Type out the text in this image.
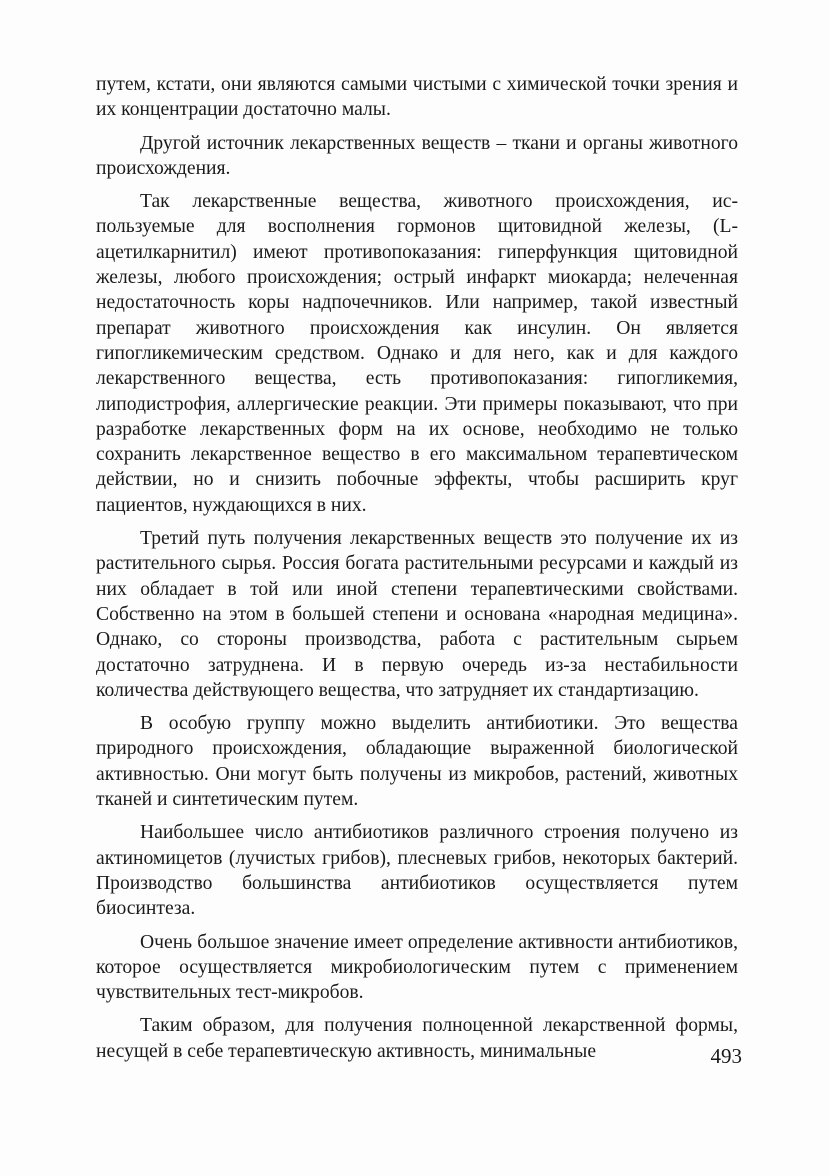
путем, кстати, они являются самыми чистыми с химической точки зрения и их концентрации достаточно малы.

Другой источник лекарственных веществ – ткани и органы животного происхождения.

Так лекарственные вещества, животного происхождения, используемые для восполнения гормонов щитовидной железы, (L-ацетилкарнитил) имеют противопоказания: гиперфункция щитовидной железы, любого происхождения; острый инфаркт миокарда; нелеченная недостаточность коры надпочечников. Или например, такой известный препарат животного происхождения как инсулин. Он является гипогликемическим средством. Однако и для него, как и для каждого лекарственного вещества, есть противопоказания: гипогликемия, липодистрофия, аллергические реакции. Эти примеры показывают, что при разработке лекарственных форм на их основе, необходимо не только сохранить лекарственное вещество в его максимальном терапевтическом действии, но и снизить побочные эффекты, чтобы расширить круг пациентов, нуждающихся в них.

Третий путь получения лекарственных веществ это получение их из растительного сырья. Россия богата растительными ресурсами и каждый из них обладает в той или иной степени терапевтическими свойствами. Собственно на этом в большей степени и основана «народная медицина». Однако, со стороны производства, работа с растительным сырьем достаточно затруднена. И в первую очередь из-за нестабильности количества действующего вещества, что затрудняет их стандартизацию.

В особую группу можно выделить антибиотики. Это вещества природного происхождения, обладающие выраженной биологической активностью. Они могут быть получены из микробов, растений, животных тканей и синтетическим путем.

Наибольшее число антибиотиков различного строения получено из актиномицетов (лучистых грибов), плесневых грибов, некоторых бактерий. Производство большинства антибиотиков осуществляется путем биосинтеза.

Очень большое значение имеет определение активности антибиотиков, которое осуществляется микробиологическим путем с применением чувствительных тест-микробов.

Таким образом, для получения полноценной лекарственной формы, несущей в себе терапевтическую активность, минимальные	493
